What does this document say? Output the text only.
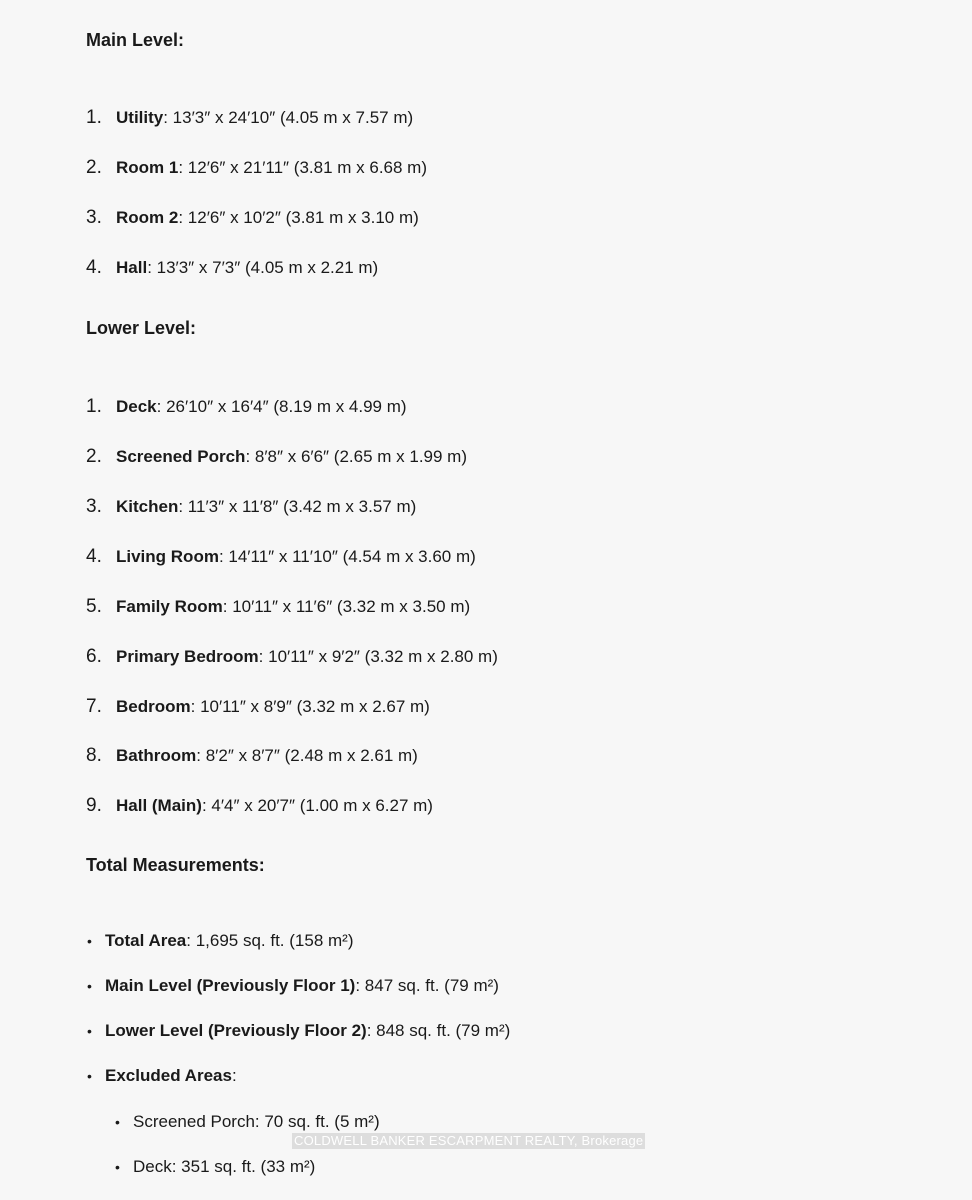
Main Level:
1. Utility: 13′3″ x 24′10″ (4.05 m x 7.57 m)
2. Room 1: 12′6″ x 21′11″ (3.81 m x 6.68 m)
3. Room 2: 12′6″ x 10′2″ (3.81 m x 3.10 m)
4. Hall: 13′3″ x 7′3″ (4.05 m x 2.21 m)
Lower Level:
1. Deck: 26′10″ x 16′4″ (8.19 m x 4.99 m)
2. Screened Porch: 8′8″ x 6′6″ (2.65 m x 1.99 m)
3. Kitchen: 11′3″ x 11′8″ (3.42 m x 3.57 m)
4. Living Room: 14′11″ x 11′10″ (4.54 m x 3.60 m)
5. Family Room: 10′11″ x 11′6″ (3.32 m x 3.50 m)
6. Primary Bedroom: 10′11″ x 9′2″ (3.32 m x 2.80 m)
7. Bedroom: 10′11″ x 8′9″ (3.32 m x 2.67 m)
8. Bathroom: 8′2″ x 8′7″ (2.48 m x 2.61 m)
9. Hall (Main): 4′4″ x 20′7″ (1.00 m x 6.27 m)
Total Measurements:
• Total Area: 1,695 sq. ft. (158 m²)
• Main Level (Previously Floor 1): 847 sq. ft. (79 m²)
• Lower Level (Previously Floor 2): 848 sq. ft. (79 m²)
• Excluded Areas:
• Screened Porch: 70 sq. ft. (5 m²)
• Deck: 351 sq. ft. (33 m²)
COLDWELL BANKER ESCARPMENT REALTY, Brokerage
